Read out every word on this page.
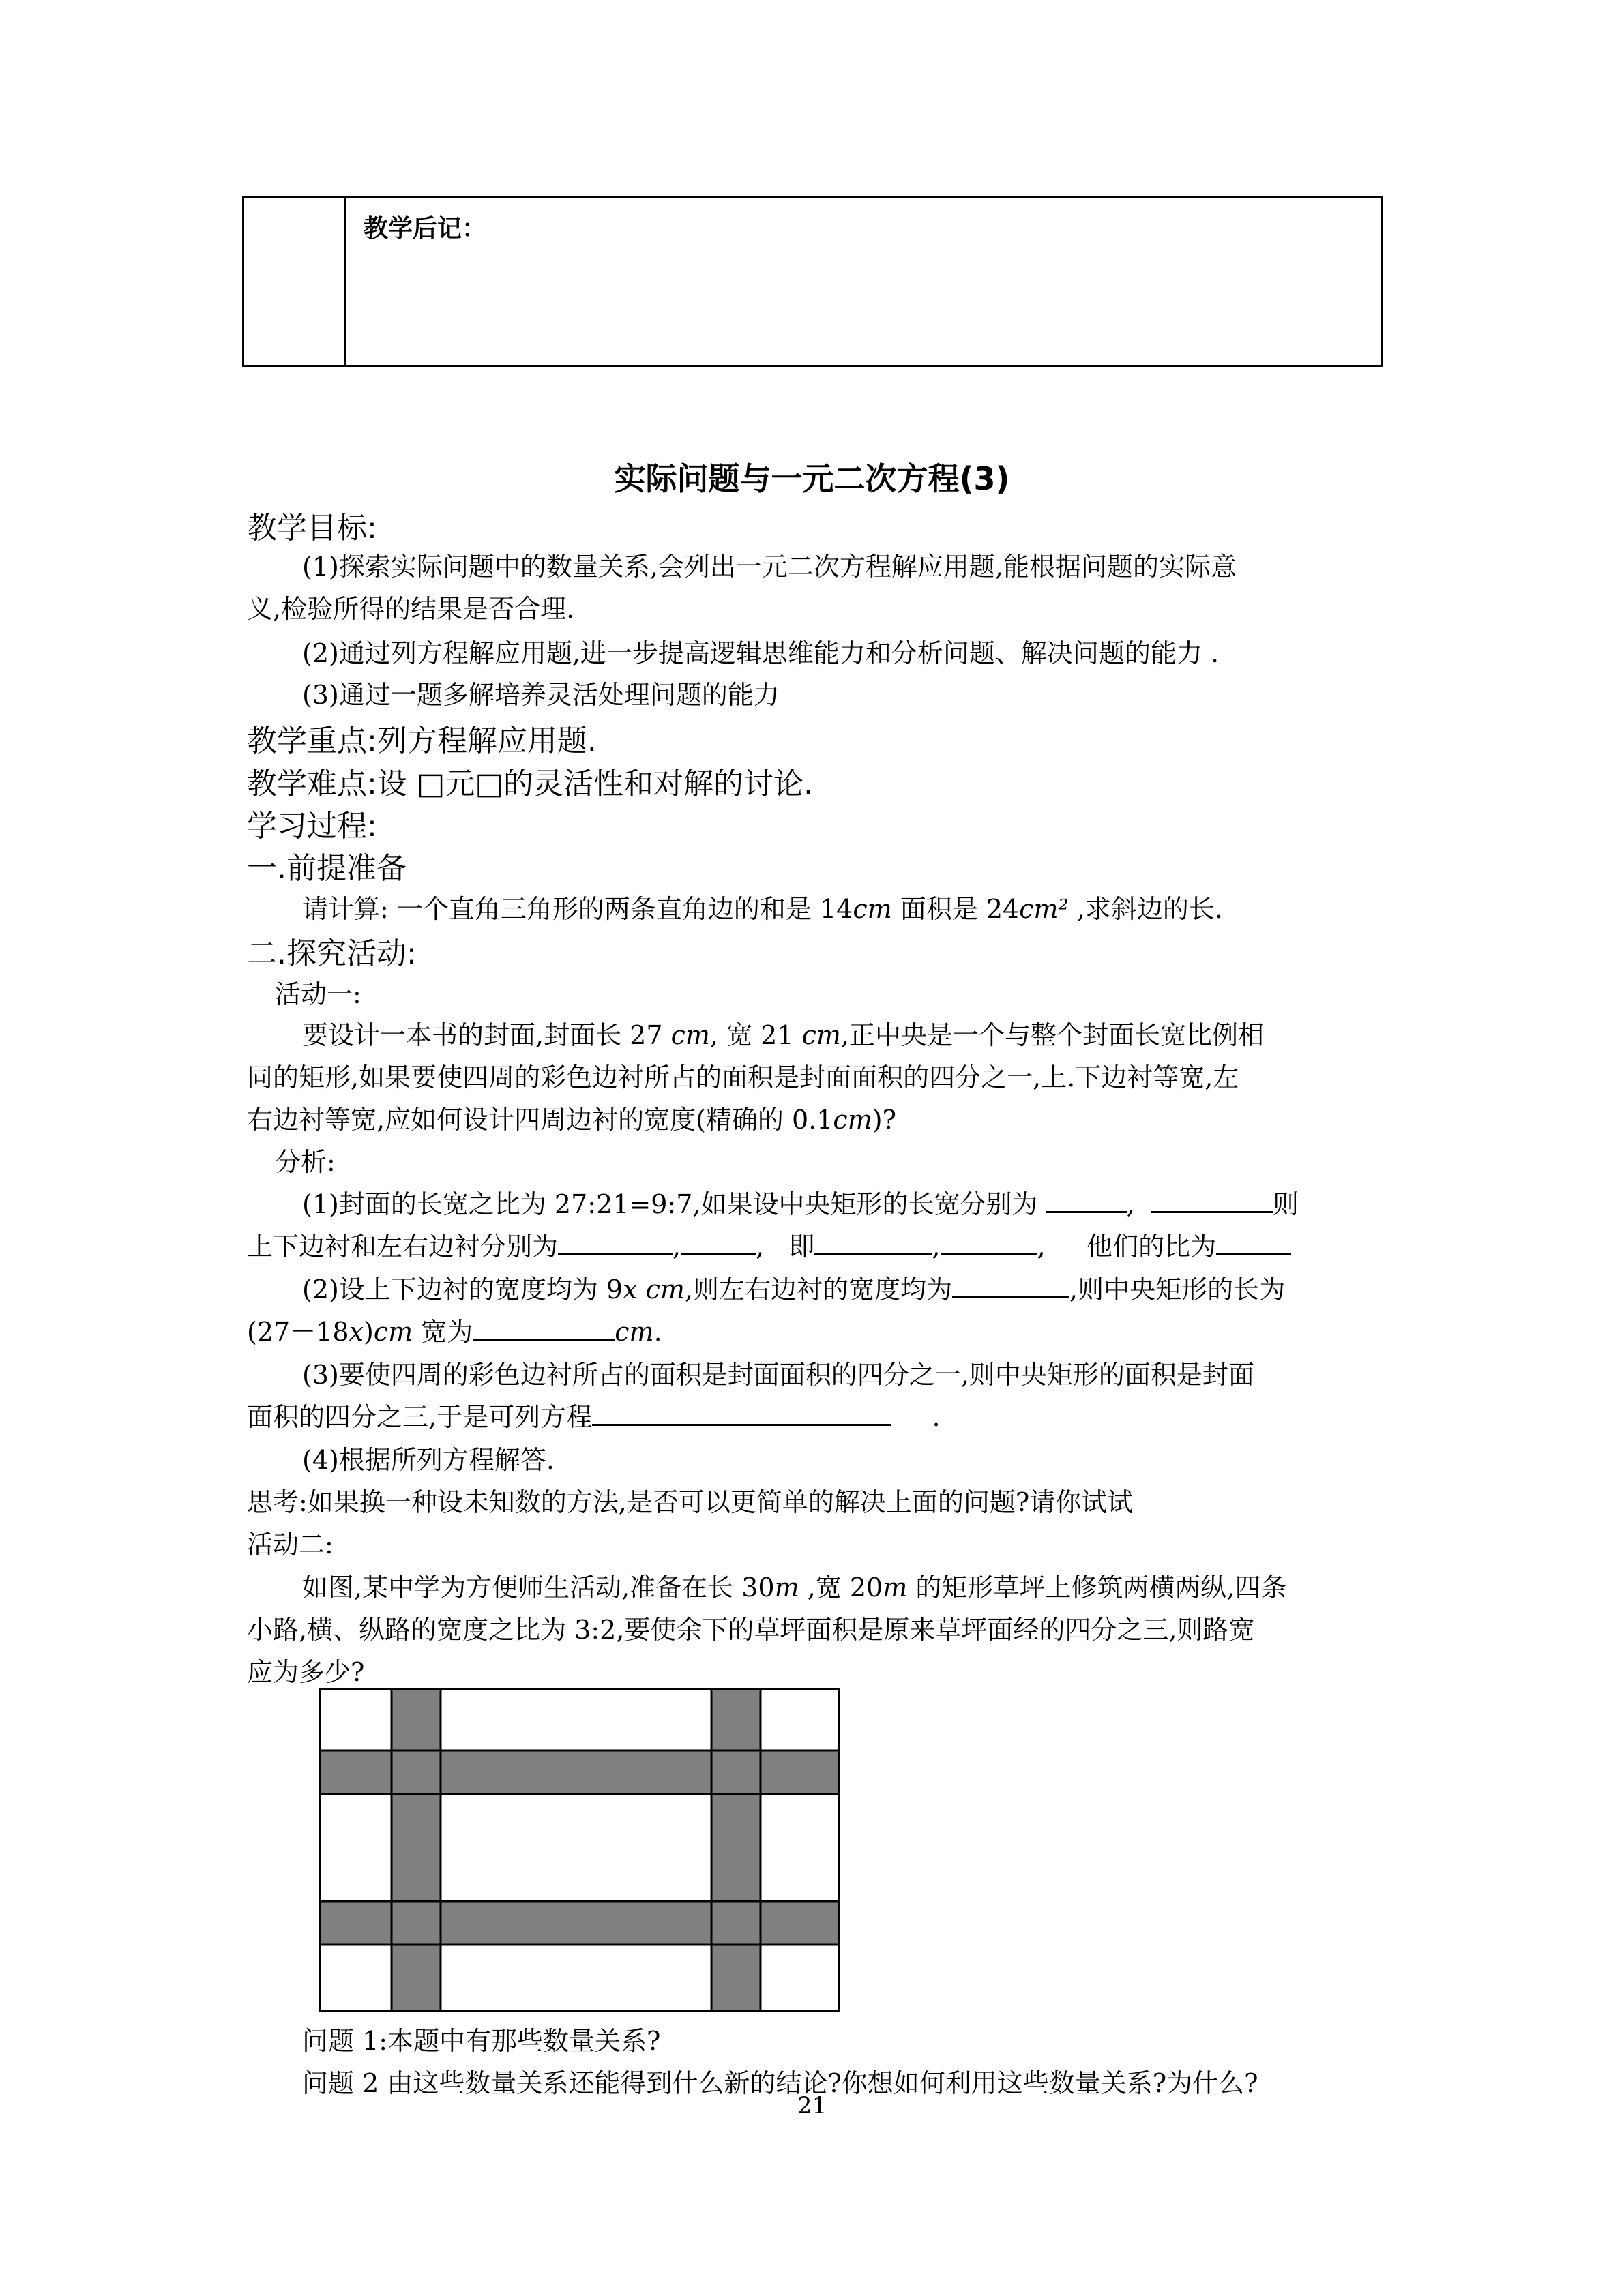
教学后记：
实际问题与一元二次方程(3)
教学目标:
(1)探索实际问题中的数量关系,会列出一元二次方程解应用题,能根据问题的实际意
义,检验所得的结果是否合理.
(2)通过列方程解应用题,进一步提高逻辑思维能力和分析问题、解决问题的能力 .
(3)通过一题多解培养灵活处理问题的能力
教学重点:列方程解应用题.
教学难点:设 □元□的灵活性和对解的讨论.
学习过程:
一.前提准备
请计算: 一个直角三角形的两条直角边的和是 14cm 面积是 24cm² ,求斜边的长.
二.探究活动:
活动一:
要设计一本书的封面,封面长 27 cm, 宽 21 cm,正中央是一个与整个封面长宽比例相
同的矩形,如果要使四周的彩色边衬所占的面积是封面面积的四分之一,上.下边衬等宽,左
右边衬等宽,应如何设计四周边衬的宽度(精确的 0.1cm)?
分析:
(1)封面的长宽之比为 27:21=9:7,如果设中央矩形的长宽分别为	,	则
上下边衬和左右边衬分别为	,	, 即	,	, 他们的比为
(2)设上下边衬的宽度均为 9x cm,则左右边衬的宽度均为	,则中央矩形的长为
(27－18x)cm 宽为	cm.
(3)要使四周的彩色边衬所占的面积是封面面积的四分之一,则中央矩形的面积是封面
面积的四分之三,于是可列方程	.
(4)根据所列方程解答.
思考:如果换一种设未知数的方法,是否可以更简单的解决上面的问题?请你试试
活动二:
如图,某中学为方便师生活动,准备在长 30m ,宽 20m 的矩形草坪上修筑两横两纵,四条
小路,横、纵路的宽度之比为 3:2,要使余下的草坪面积是原来草坪面经的四分之三,则路宽
应为多少?
问题 1:本题中有那些数量关系?
问题 2 由这些数量关系还能得到什么新的结论?你想如何利用这些数量关系?为什么?
21
